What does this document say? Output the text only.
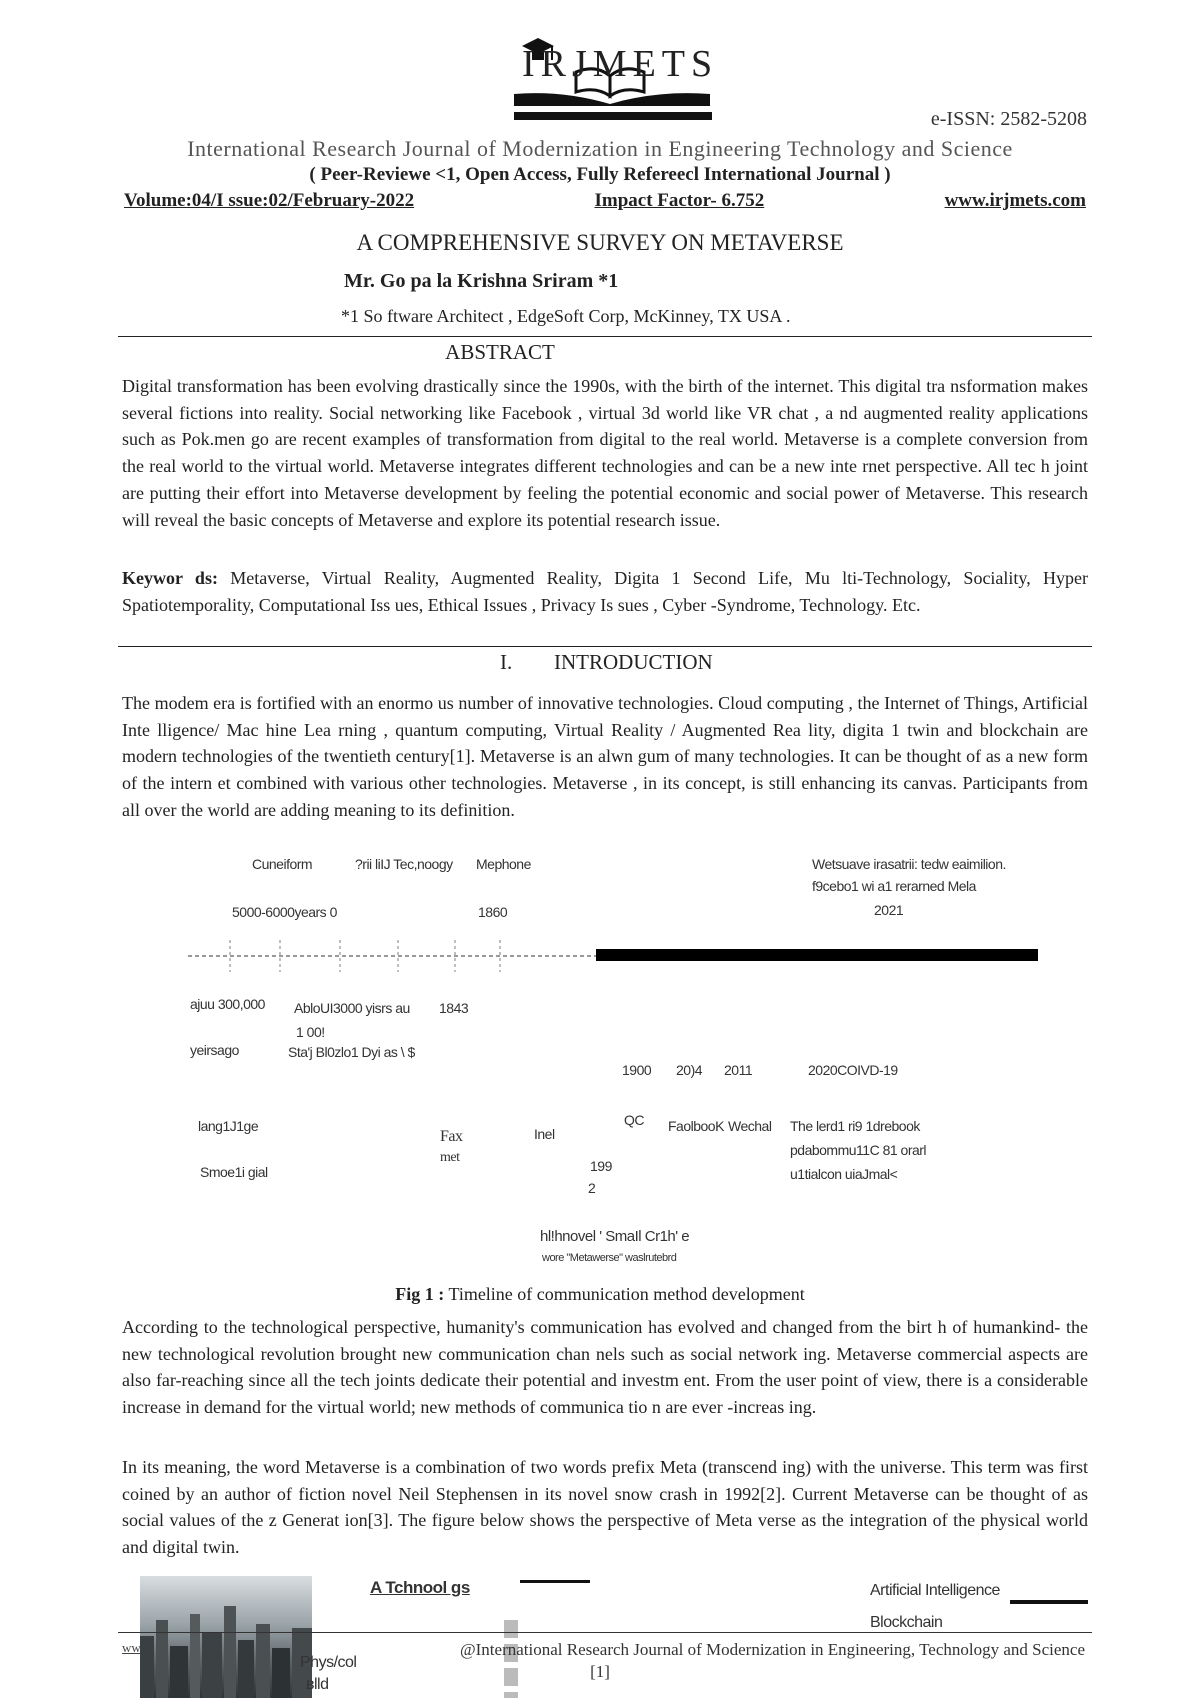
IRJMETS
e-ISSN: 2582-5208
International Research Journal of Modernization in Engineering Technology and Science
( Peer-Reviewe <1, Open Access, Fully Refereecl International Journal )
Volume:04/I ssue:02/February-2022	Impact Factor- 6.752	www.irjmets.com
A COMPREHENSIVE SURVEY ON METAVERSE
Mr. Go pa la Krishna Sriram *1
*1 So ftware Architect , EdgeSoft Corp, McKinney, TX USA .
ABSTRACT
Digital transformation has been evolving drastically since the 1990s, with the birth of the internet. This digital tra nsformation makes several fictions into reality. Social networking like Facebook , virtual 3d world like VR chat , a nd augmented reality applications such as Pok.men go are recent examples of transformation from digital to the real world. Metaverse is a complete conversion from the real world to the virtual world. Metaverse integrates different technologies and can be a new inte rnet perspective. All tec h joint are putting their effort into Metaverse development by feeling the potential economic and social power of Metaverse. This research will reveal the basic concepts of Metaverse and explore its potential research issue.
Keywor ds: Metaverse, Virtual Reality, Augmented Reality, Digita 1 Second Life, Mu lti-Technology, Sociality, Hyper Spatiotemporality, Computational Iss ues, Ethical Issues , Privacy Is sues , Cyber -Syndrome, Technology. Etc.
I. INTRODUCTION
The modem era is fortified with an enormo us number of innovative technologies. Cloud computing , the Internet of Things, Artificial Inte lligence/ Mac hine Lea rning , quantum computing, Virtual Reality / Augmented Rea lity, digita 1 twin and blockchain are modern technologies of the twentieth century[1]. Metaverse is an alwn gum of many technologies. It can be thought of as a new form of the intern et combined with various other technologies. Metaverse , in its concept, is still enhancing its canvas. Participants from all over the world are adding meaning to its definition.
Cuneiform	?rii liIJ Tec,noogy Mephone	Wetsuave irasatrii: tedw eaimilion.
f9cebo1 wi a1 rerarned Mela
5000-6000years 0	1860	2021
ajuu 300,000 AbloUI3000 yisrs au 1843
1 00!
yeirsago	Sta'j Bl0zlo1 Dyi as \ $
1900 20)4 2011	2020COIVD-19
lang1J1ge
Smoe1i gial
Fax
met
Inel
QC FaolbooK Wechal The lerd1 ri9 1drebook
pdabommu11C 81 orarl
u1tialcon uiaJmal<
199
2
hl!hnovel ' SmaIl Cr1h' e
wore "Metawerse" waslrutebrd
Fig 1 : Timeline of communication method development
According to the technological perspective, humanity's communication has evolved and changed from the birt h of humankind- the new technological revolution brought new communication chan nels such as social network ing. Metaverse commercial aspects are also far-reaching since all the tech joints dedicate their potential and investm ent. From the user point of view, there is a considerable increase in demand for the virtual world; new methods of communica tio n are ever -increas ing.
In its meaning, the word Metaverse is a combination of two words prefix Meta (transcend ing) with the universe. This term was first coined by an author of fiction novel Neil Stephensen in its novel snow crash in 1992[2]. Current Metaverse can be thought of as social values of the z Generat ion[3]. The figure below shows the perspective of Meta verse as the integration of the physical world and digital twin.
Phys/col
вlld
A Tchnool gs	Artificial Intelligence
Blockchain
ww	@International Research Journal of Modernization in Engineering, Technology and Science
[1]
